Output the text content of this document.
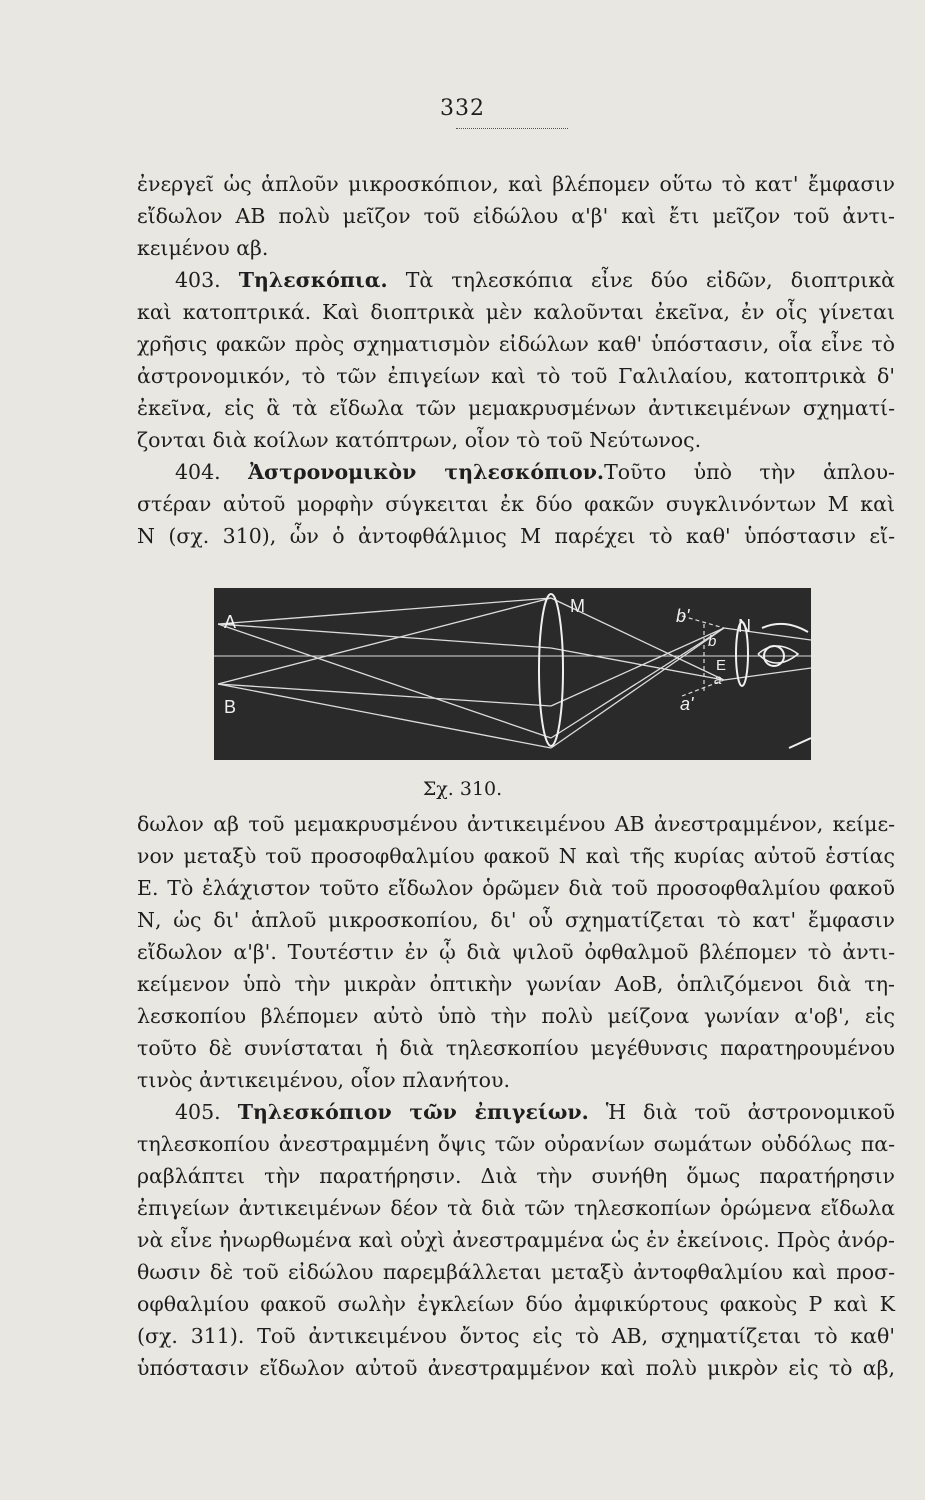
332
ἐνεργεῖ ὡς ἁπλοῦν μικροσκόπιον, καὶ βλέπομεν οὕτω τὸ κατ' ἔμφασιν
εἴδωλον ΑΒ πολὺ μεῖζον τοῦ εἰδώλου α'β' καὶ ἔτι μεῖζον τοῦ ἀντι-
κειμένου αβ.
403. Τηλεσκόπια. Τὰ τηλεσκόπια εἶνε δύο εἰδῶν, διοπτρικὰ
καὶ κατοπτρικά. Καὶ διοπτρικὰ μὲν καλοῦνται ἐκεῖνα, ἐν οἷς γίνεται
χρῆσις φακῶν πρὸς σχηματισμὸν εἰδώλων καθ' ὑπόστασιν, οἷα εἶνε τὸ
ἀστρονομικόν, τὸ τῶν ἐπιγείων καὶ τὸ τοῦ Γαλιλαίου, κατοπτρικὰ δ'
ἐκεῖνα, εἰς ἃ τὰ εἴδωλα τῶν μεμακρυσμένων ἀντικειμένων σχηματί-
ζονται διὰ κοίλων κατόπτρων, οἷον τὸ τοῦ Νεύτωνος.
404. Ἀστρονομικὸν τηλεσκόπιον.Τοῦτο ὑπὸ τὴν ἁπλου-
στέραν αὐτοῦ μορφὴν σύγκειται ἐκ δύο φακῶν συγκλινόντων Μ καὶ
Ν (σχ. 310), ὧν ὁ ἀντοφθάλμιος Μ παρέχει τὸ καθ' ὑπόστασιν εἴ-
A
B
M
N
b'
b
E
a'
a
Σχ. 310.
δωλον αβ τοῦ μεμακρυσμένου ἀντικειμένου ΑΒ ἀνεστραμμένον, κείμε-
νον μεταξὺ τοῦ προσοφθαλμίου φακοῦ Ν καὶ τῆς κυρίας αὐτοῦ ἑστίας
Ε. Τὸ ἐλάχιστον τοῦτο εἴδωλον ὁρῶμεν διὰ τοῦ προσοφθαλμίου φακοῦ
Ν, ὡς δι' ἁπλοῦ μικροσκοπίου, δι' οὗ σχηματίζεται τὸ κατ' ἔμφασιν
εἴδωλον α'β'. Τουτέστιν ἐν ᾧ διὰ ψιλοῦ ὀφθαλμοῦ βλέπομεν τὸ ἀντι-
κείμενον ὑπὸ τὴν μικρὰν ὀπτικὴν γωνίαν ΑοΒ, ὁπλιζόμενοι διὰ τη-
λεσκοπίου βλέπομεν αὐτὸ ὑπὸ τὴν πολὺ μείζονα γωνίαν α'οβ', εἰς
τοῦτο δὲ συνίσταται ἡ διὰ τηλεσκοπίου μεγέθυνσις παρατηρουμένου
τινὸς ἀντικειμένου, οἷον πλανήτου.
405. Τηλεσκόπιον τῶν ἐπιγείων. Ἡ διὰ τοῦ ἀστρονομικοῦ
τηλεσκοπίου ἀνεστραμμένη ὄψις τῶν οὐρανίων σωμάτων οὐδόλως πα-
ραβλάπτει τὴν παρατήρησιν. Διὰ τὴν συνήθη ὅμως παρατήρησιν
ἐπιγείων ἀντικειμένων δέον τὰ διὰ τῶν τηλεσκοπίων ὁρώμενα εἴδωλα
νὰ εἶνε ἠνωρθωμένα καὶ οὐχὶ ἀνεστραμμένα ὡς ἐν ἐκείνοις. Πρὸς ἀνόρ-
θωσιν δὲ τοῦ εἰδώλου παρεμβάλλεται μεταξὺ ἀντοφθαλμίου καὶ προσ-
οφθαλμίου φακοῦ σωλὴν ἐγκλείων δύο ἀμφικύρτους φακοὺς Ρ καὶ Κ
(σχ. 311). Τοῦ ἀντικειμένου ὄντος εἰς τὸ ΑΒ, σχηματίζεται τὸ καθ'
ὑπόστασιν εἴδωλον αὐτοῦ ἀνεστραμμένον καὶ πολὺ μικρὸν εἰς τὸ αβ,
